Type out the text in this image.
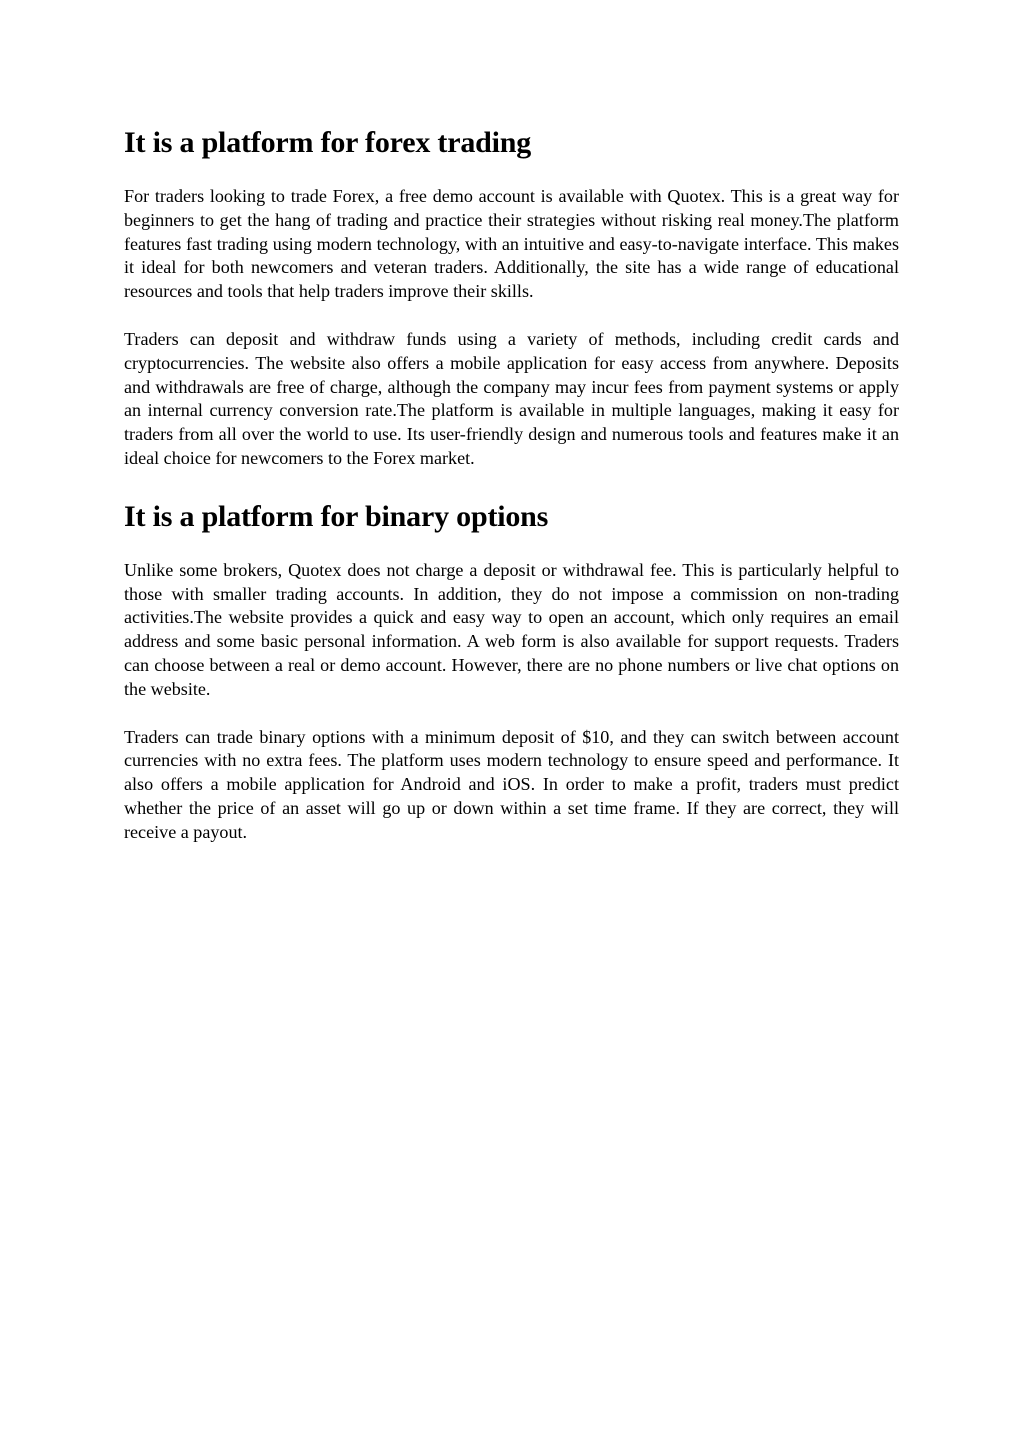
It is a platform for forex trading

For traders looking to trade Forex, a free demo account is available with Quotex. This is a great way for beginners to get the hang of trading and practice their strategies without risking real money.The platform features fast trading using modern technology, with an intuitive and easy-to-navigate interface. This makes it ideal for both newcomers and veteran traders. Additionally, the site has a wide range of educational resources and tools that help traders improve their skills.

Traders can deposit and withdraw funds using a variety of methods, including credit cards and cryptocurrencies. The website also offers a mobile application for easy access from anywhere. Deposits and withdrawals are free of charge, although the company may incur fees from payment systems or apply an internal currency conversion rate.The platform is available in multiple languages, making it easy for traders from all over the world to use. Its user-friendly design and numerous tools and features make it an ideal choice for newcomers to the Forex market.

It is a platform for binary options

Unlike some brokers, Quotex does not charge a deposit or withdrawal fee. This is particularly helpful to those with smaller trading accounts. In addition, they do not impose a commission on non-trading activities.The website provides a quick and easy way to open an account, which only requires an email address and some basic personal information. A web form is also available for support requests. Traders can choose between a real or demo account. However, there are no phone numbers or live chat options on the website.

Traders can trade binary options with a minimum deposit of $10, and they can switch between account currencies with no extra fees. The platform uses modern technology to ensure speed and performance. It also offers a mobile application for Android and iOS. In order to make a profit, traders must predict whether the price of an asset will go up or down within a set time frame. If they are correct, they will receive a payout.
